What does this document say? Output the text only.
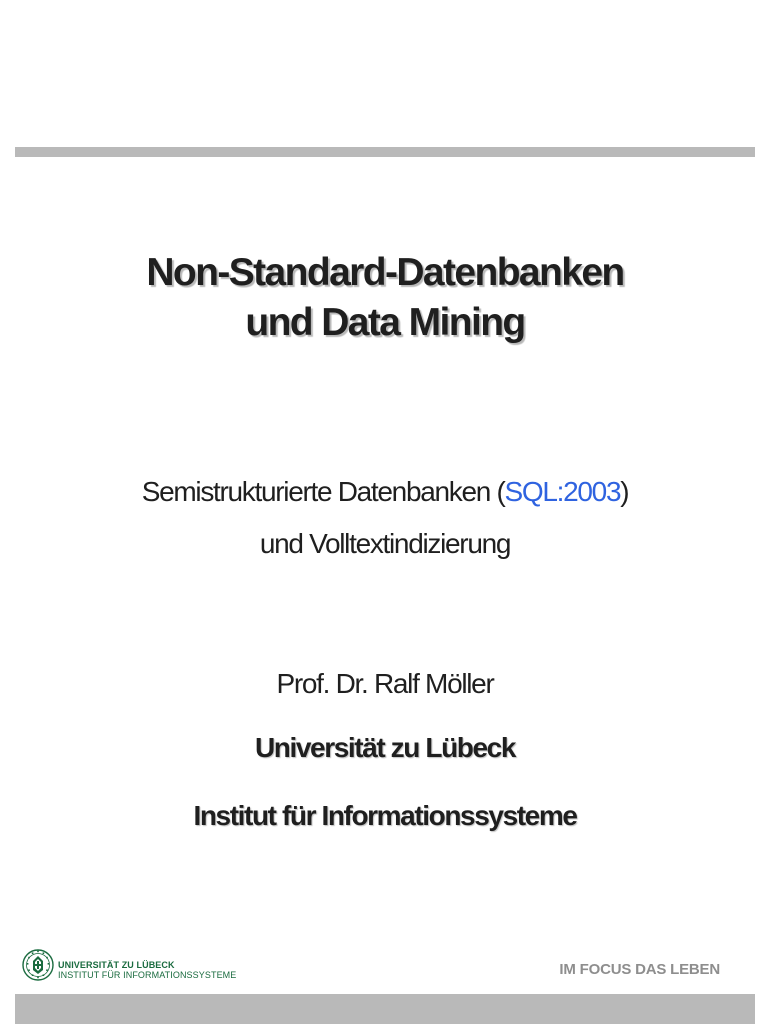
Non-Standard-Datenbanken
und Data Mining
Semistrukturierte Datenbanken (SQL:2003)
und Volltextindizierung
Prof. Dr. Ralf Möller
Universität zu Lübeck
Institut für Informationssysteme
UNIVERSITÄT ZU LÜBECK
INSTITUT FÜR INFORMATIONSSYSTEME	IM FOCUS DAS LEBEN
